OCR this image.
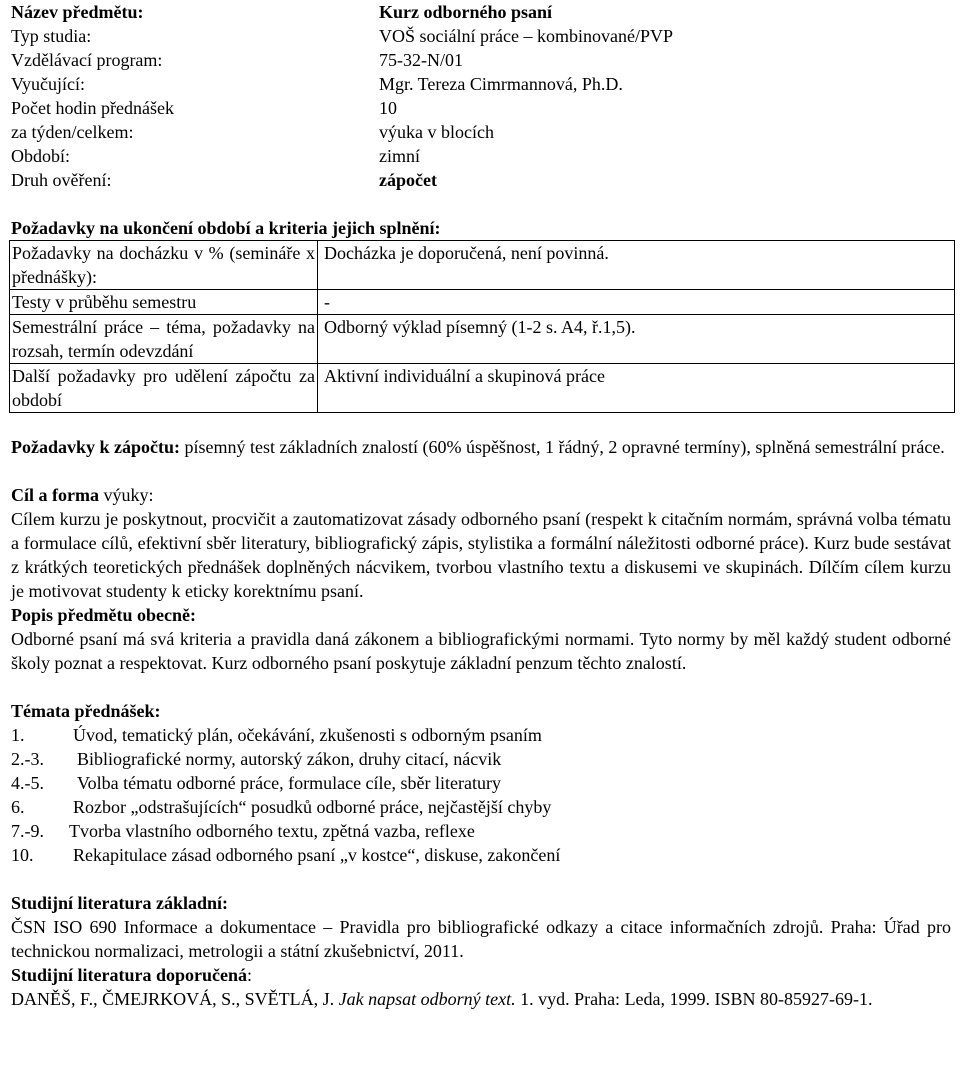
Název předmětu:	Kurz odborného psaní
Typ studia:	VOŠ sociální práce – kombinované/PVP
Vzdělávací program:	75-32-N/01
Vyučující:	Mgr. Tereza Cimrmannová, Ph.D.
Počet hodin přednášek	10
za týden/celkem:	výuka v blocích
Období:	zimní
Druh ověření:	zápočet
Požadavky na ukončení období a kriteria jejich splnění:
Požadavky na docházku v % (semináře x přednášky):	Docházka je doporučená, není povinná.
Testy v průběhu semestru	-
Semestrální práce – téma, požadavky na rozsah, termín odevzdání	Odborný výklad písemný (1-2 s. A4, ř.1,5).
Další požadavky pro udělení zápočtu za období	Aktivní individuální a skupinová práce

Požadavky k zápočtu: písemný test základních znalostí (60% úspěšnost, 1 řádný, 2 opravné termíny), splněná semestrální práce.

Cíl a forma výuky:

Cílem kurzu je poskytnout, procvičit a zautomatizovat zásady odborného psaní (respekt k citačním normám, správná volba tématu a formulace cílů, efektivní sběr literatury, bibliografický zápis, stylistika a formální náležitosti odborné práce). Kurz bude sestávat z krátkých teoretických přednášek doplněných nácvikem, tvorbou vlastního textu a diskusemi ve skupinách. Dílčím cílem kurzu je motivovat studenty k eticky korektnímu psaní.

Popis předmětu obecně:

Odborné psaní má svá kriteria a pravidla daná zákonem a bibliografickými normami. Tyto normy by měl každý student odborné školy poznat a respektovat. Kurz odborného psaní poskytuje základní penzum těchto znalostí.

Témata přednášek:

1.	Úvod, tematický plán, očekávání, zkušenosti s odborným psaním
2.-3. Bibliografické normy, autorský zákon, druhy citací, nácvik
4.-5. Volba tématu odborné práce, formulace cíle, sběr literatury
6.	Rozbor „odstrašujících“ posudků odborné práce, nejčastější chyby
7.-9. Tvorba vlastního odborného textu, zpětná vazba, reflexe
10. Rekapitulace zásad odborného psaní „v kostce“, diskuse, zakončení

Studijní literatura základní:

ČSN ISO 690 Informace a dokumentace – Pravidla pro bibliografické odkazy a citace informačních zdrojů. Praha: Úřad pro technickou normalizaci, metrologii a státní zkušebnictví, 2011.

Studijní literatura doporučená:

DANĚŠ, F., ČMEJRKOVÁ, S., SVĚTLÁ, J. Jak napsat odborný text. 1. vyd. Praha: Leda, 1999. ISBN 80-85927-69-1.
